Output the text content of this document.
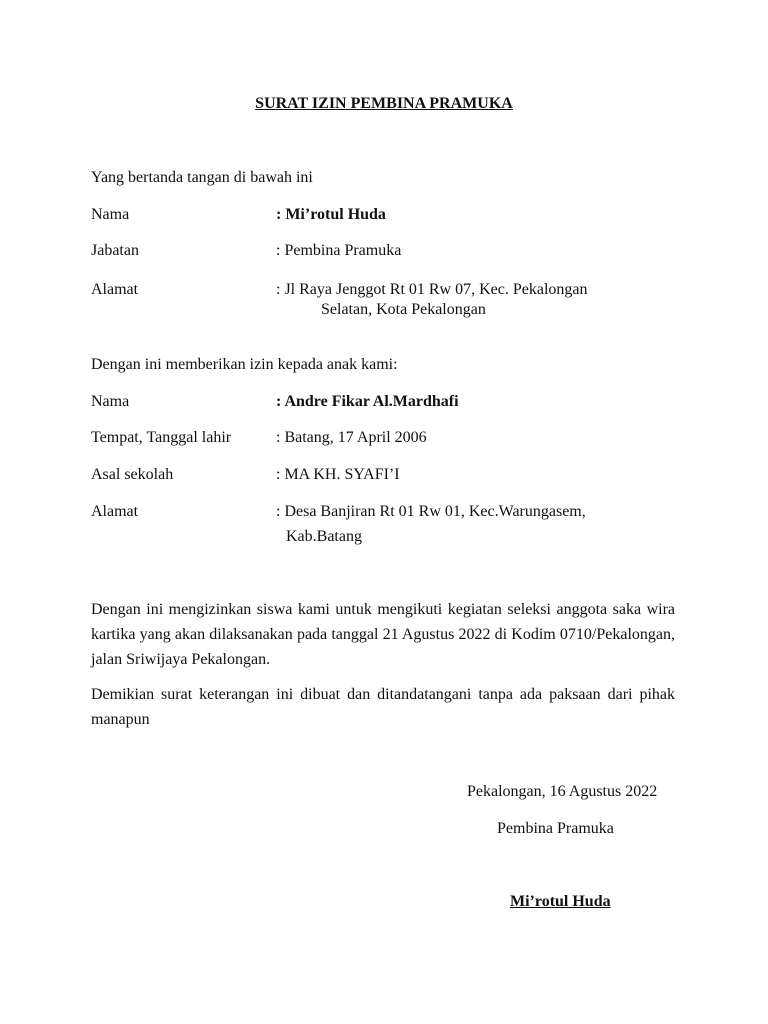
SURAT IZIN PEMBINA PRAMUKA
Yang bertanda tangan di bawah ini
Nama	: Mi’rotul Huda
Jabatan	: Pembina Pramuka
Alamat	: Jl Raya Jenggot Rt 01 Rw 07, Kec. Pekalongan
Selatan, Kota Pekalongan
Dengan ini memberikan izin kepada anak kami:
Nama	: Andre Fikar Al.Mardhafi
Tempat, Tanggal lahir	: Batang, 17 April 2006
Asal sekolah	: MA KH. SYAFI’I
Alamat	: Desa Banjiran Rt 01 Rw 01, Kec.Warungasem,
Kab.Batang
Dengan ini mengizinkan siswa kami untuk mengikuti kegiatan seleksi anggota saka wira kartika yang akan dilaksanakan pada tanggal 21 Agustus 2022 di Kodim 0710/Pekalongan, jalan Sriwijaya Pekalongan.
Demikian surat keterangan ini dibuat dan ditandatangani tanpa ada paksaan dari pihak manapun
Pekalongan, 16 Agustus 2022
Pembina Pramuka
Mi’rotul Huda
